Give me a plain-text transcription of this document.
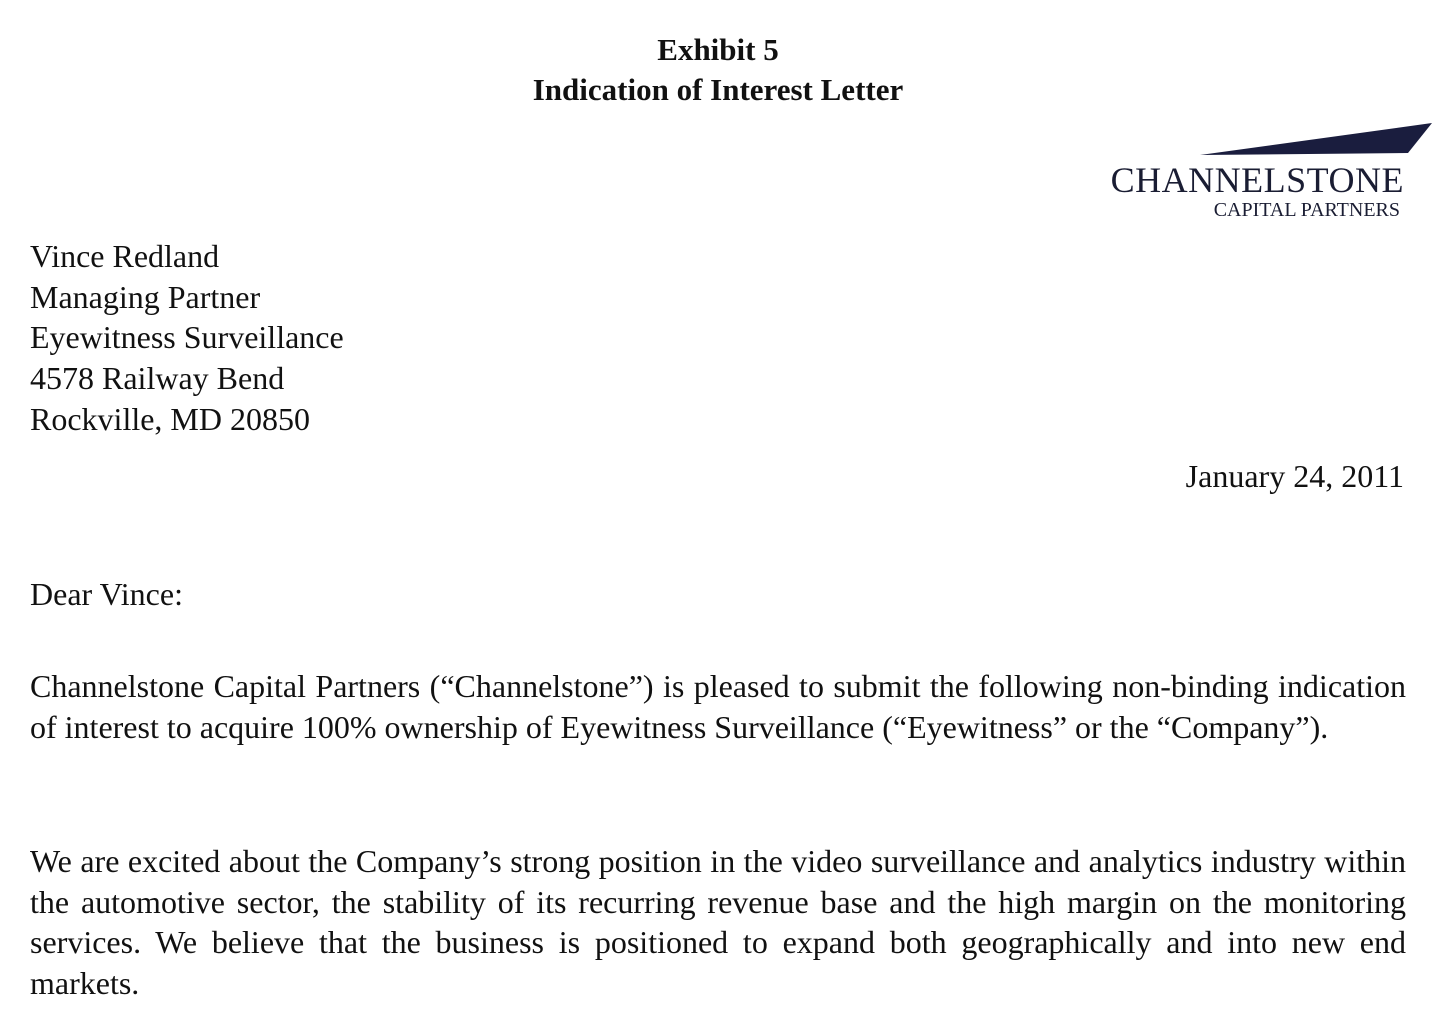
Exhibit 5
Indication of Interest Letter
CHANNELSTONE
CAPITAL PARTNERS
Vince Redland
Managing Partner
Eyewitness Surveillance
4578 Railway Bend
Rockville, MD 20850
January 24, 2011
Dear Vince:

Channelstone Capital Partners (“Channelstone”) is pleased to submit the following non-binding indication of interest to acquire 100% ownership of Eyewitness Surveillance (“Eyewitness” or the “Company”).

We are excited about the Company’s strong position in the video surveillance and analytics industry within the automotive sector, the stability of its recurring revenue base and the high margin on the monitoring services. We believe that the business is positioned to expand both geographically and into new end markets.
